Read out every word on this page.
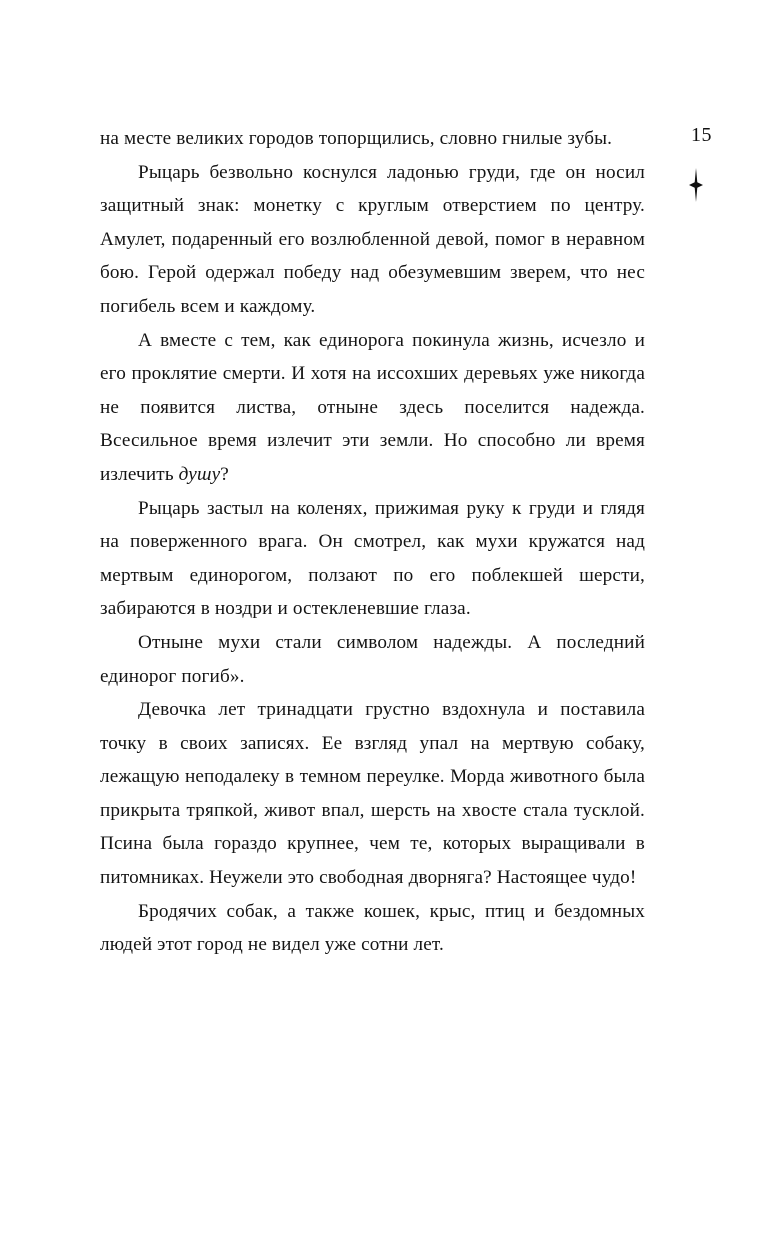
15

на месте великих городов топорщились, словно гнилые зубы.

Рыцарь безвольно коснулся ладонью груди, где он носил защитный знак: монетку с круглым отверстием по центру. Амулет, подаренный его возлюбленной девой, помог в неравном бою. Герой одержал победу над обезумевшим зверем, что нес погибель всем и каждому.

А вместе с тем, как единорога покинула жизнь, исчезло и его проклятие смерти. И хотя на иссохших деревьях уже никогда не появится листва, отныне здесь поселится надежда. Всесильное время излечит эти земли. Но способно ли время излечить душу?

Рыцарь застыл на коленях, прижимая руку к груди и глядя на поверженного врага. Он смотрел, как мухи кружатся над мертвым единорогом, ползают по его поблекшей шерсти, забираются в ноздри и остекленевшие глаза.

Отныне мухи стали символом надежды. А последний единорог погиб».

Девочка лет тринадцати грустно вздохнула и поставила точку в своих записях. Ее взгляд упал на мертвую собаку, лежащую неподалеку в темном переулке. Морда животного была прикрыта тряпкой, живот впал, шерсть на хвосте стала тусклой. Псина была гораздо крупнее, чем те, которых выращивали в питомниках. Неужели это свободная дворняга? Настоящее чудо!

Бродячих собак, а также кошек, крыс, птиц и бездомных людей этот город не видел уже сотни лет.
